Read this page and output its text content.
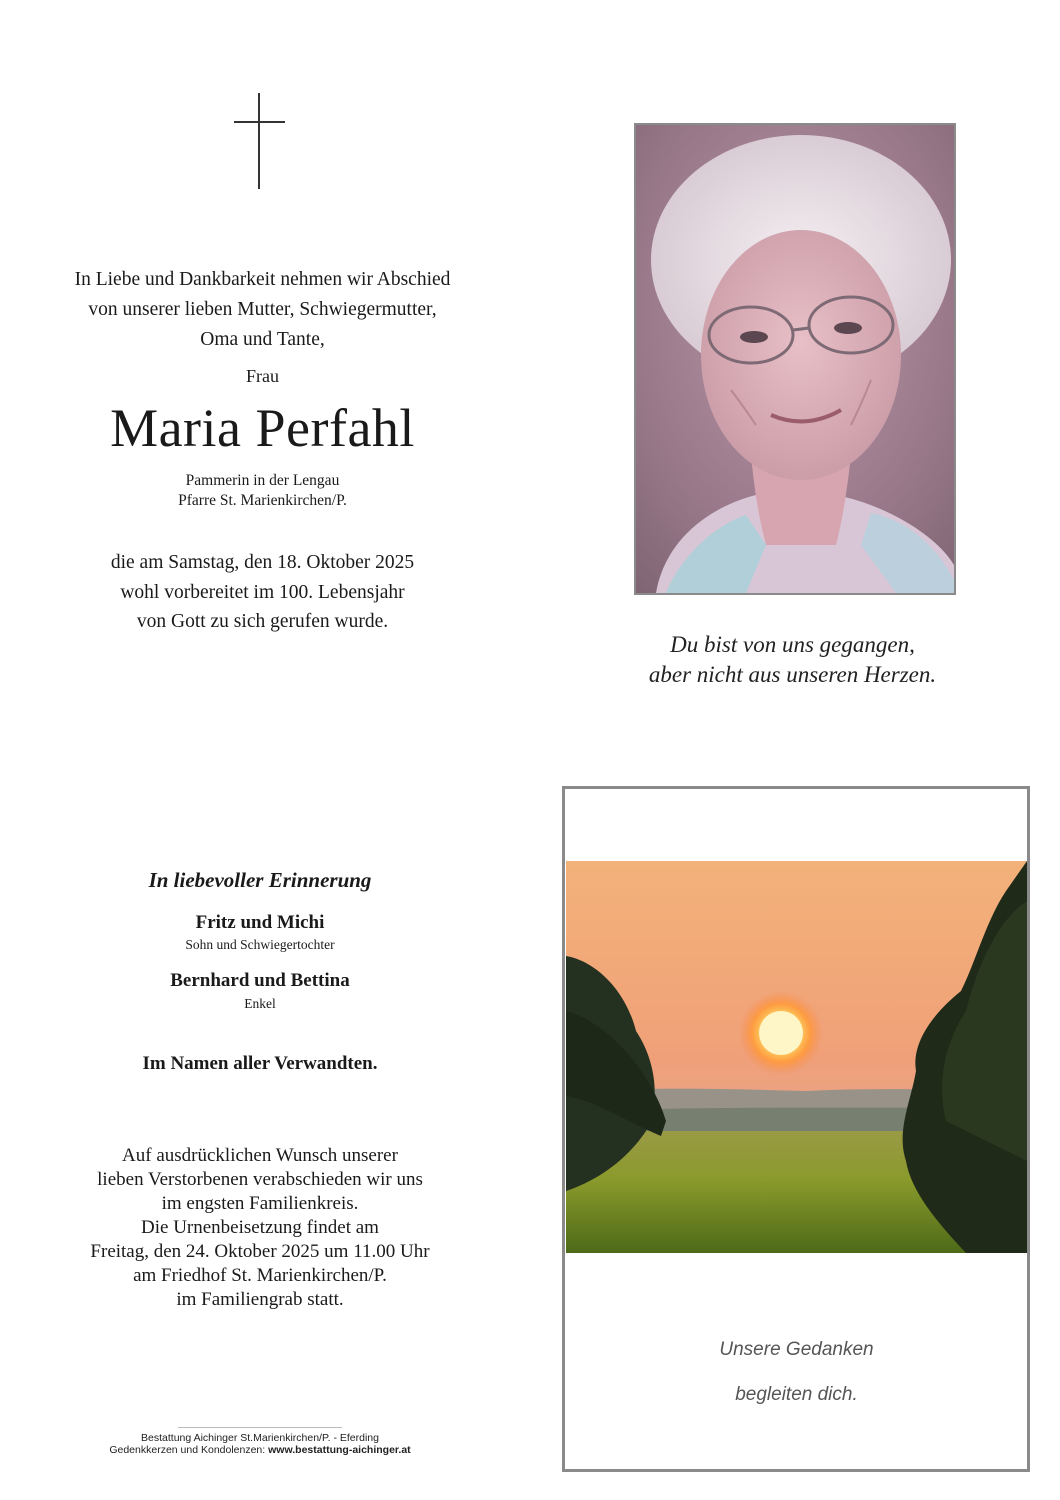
In Liebe und Dankbarkeit nehmen wir Abschied
von unserer lieben Mutter, Schwiegermutter,
Oma und Tante,
Frau
Maria Perfahl
Pammerin in der Lengau
Pfarre St. Marienkirchen/P.
die am Samstag, den 18. Oktober 2025
wohl vorbereitet im 100. Lebensjahr
von Gott zu sich gerufen wurde.
Du bist von uns gegangen,
aber nicht aus unseren Herzen.
In liebevoller Erinnerung
Fritz und Michi
Sohn und Schwiegertochter
Bernhard und Bettina
Enkel
Im Namen aller Verwandten.
Auf ausdrücklichen Wunsch unserer
lieben Verstorbenen verabschieden wir uns
im engsten Familienkreis.
Die Urnenbeisetzung findet am
Freitag, den 24. Oktober 2025 um 11.00 Uhr
am Friedhof St. Marienkirchen/P.
im Familiengrab statt.
Bestattung Aichinger St.Marienkirchen/P. - Eferding
Gedenkkerzen und Kondolenzen: www.bestattung-aichinger.at
Unsere Gedanken
begleiten dich.
